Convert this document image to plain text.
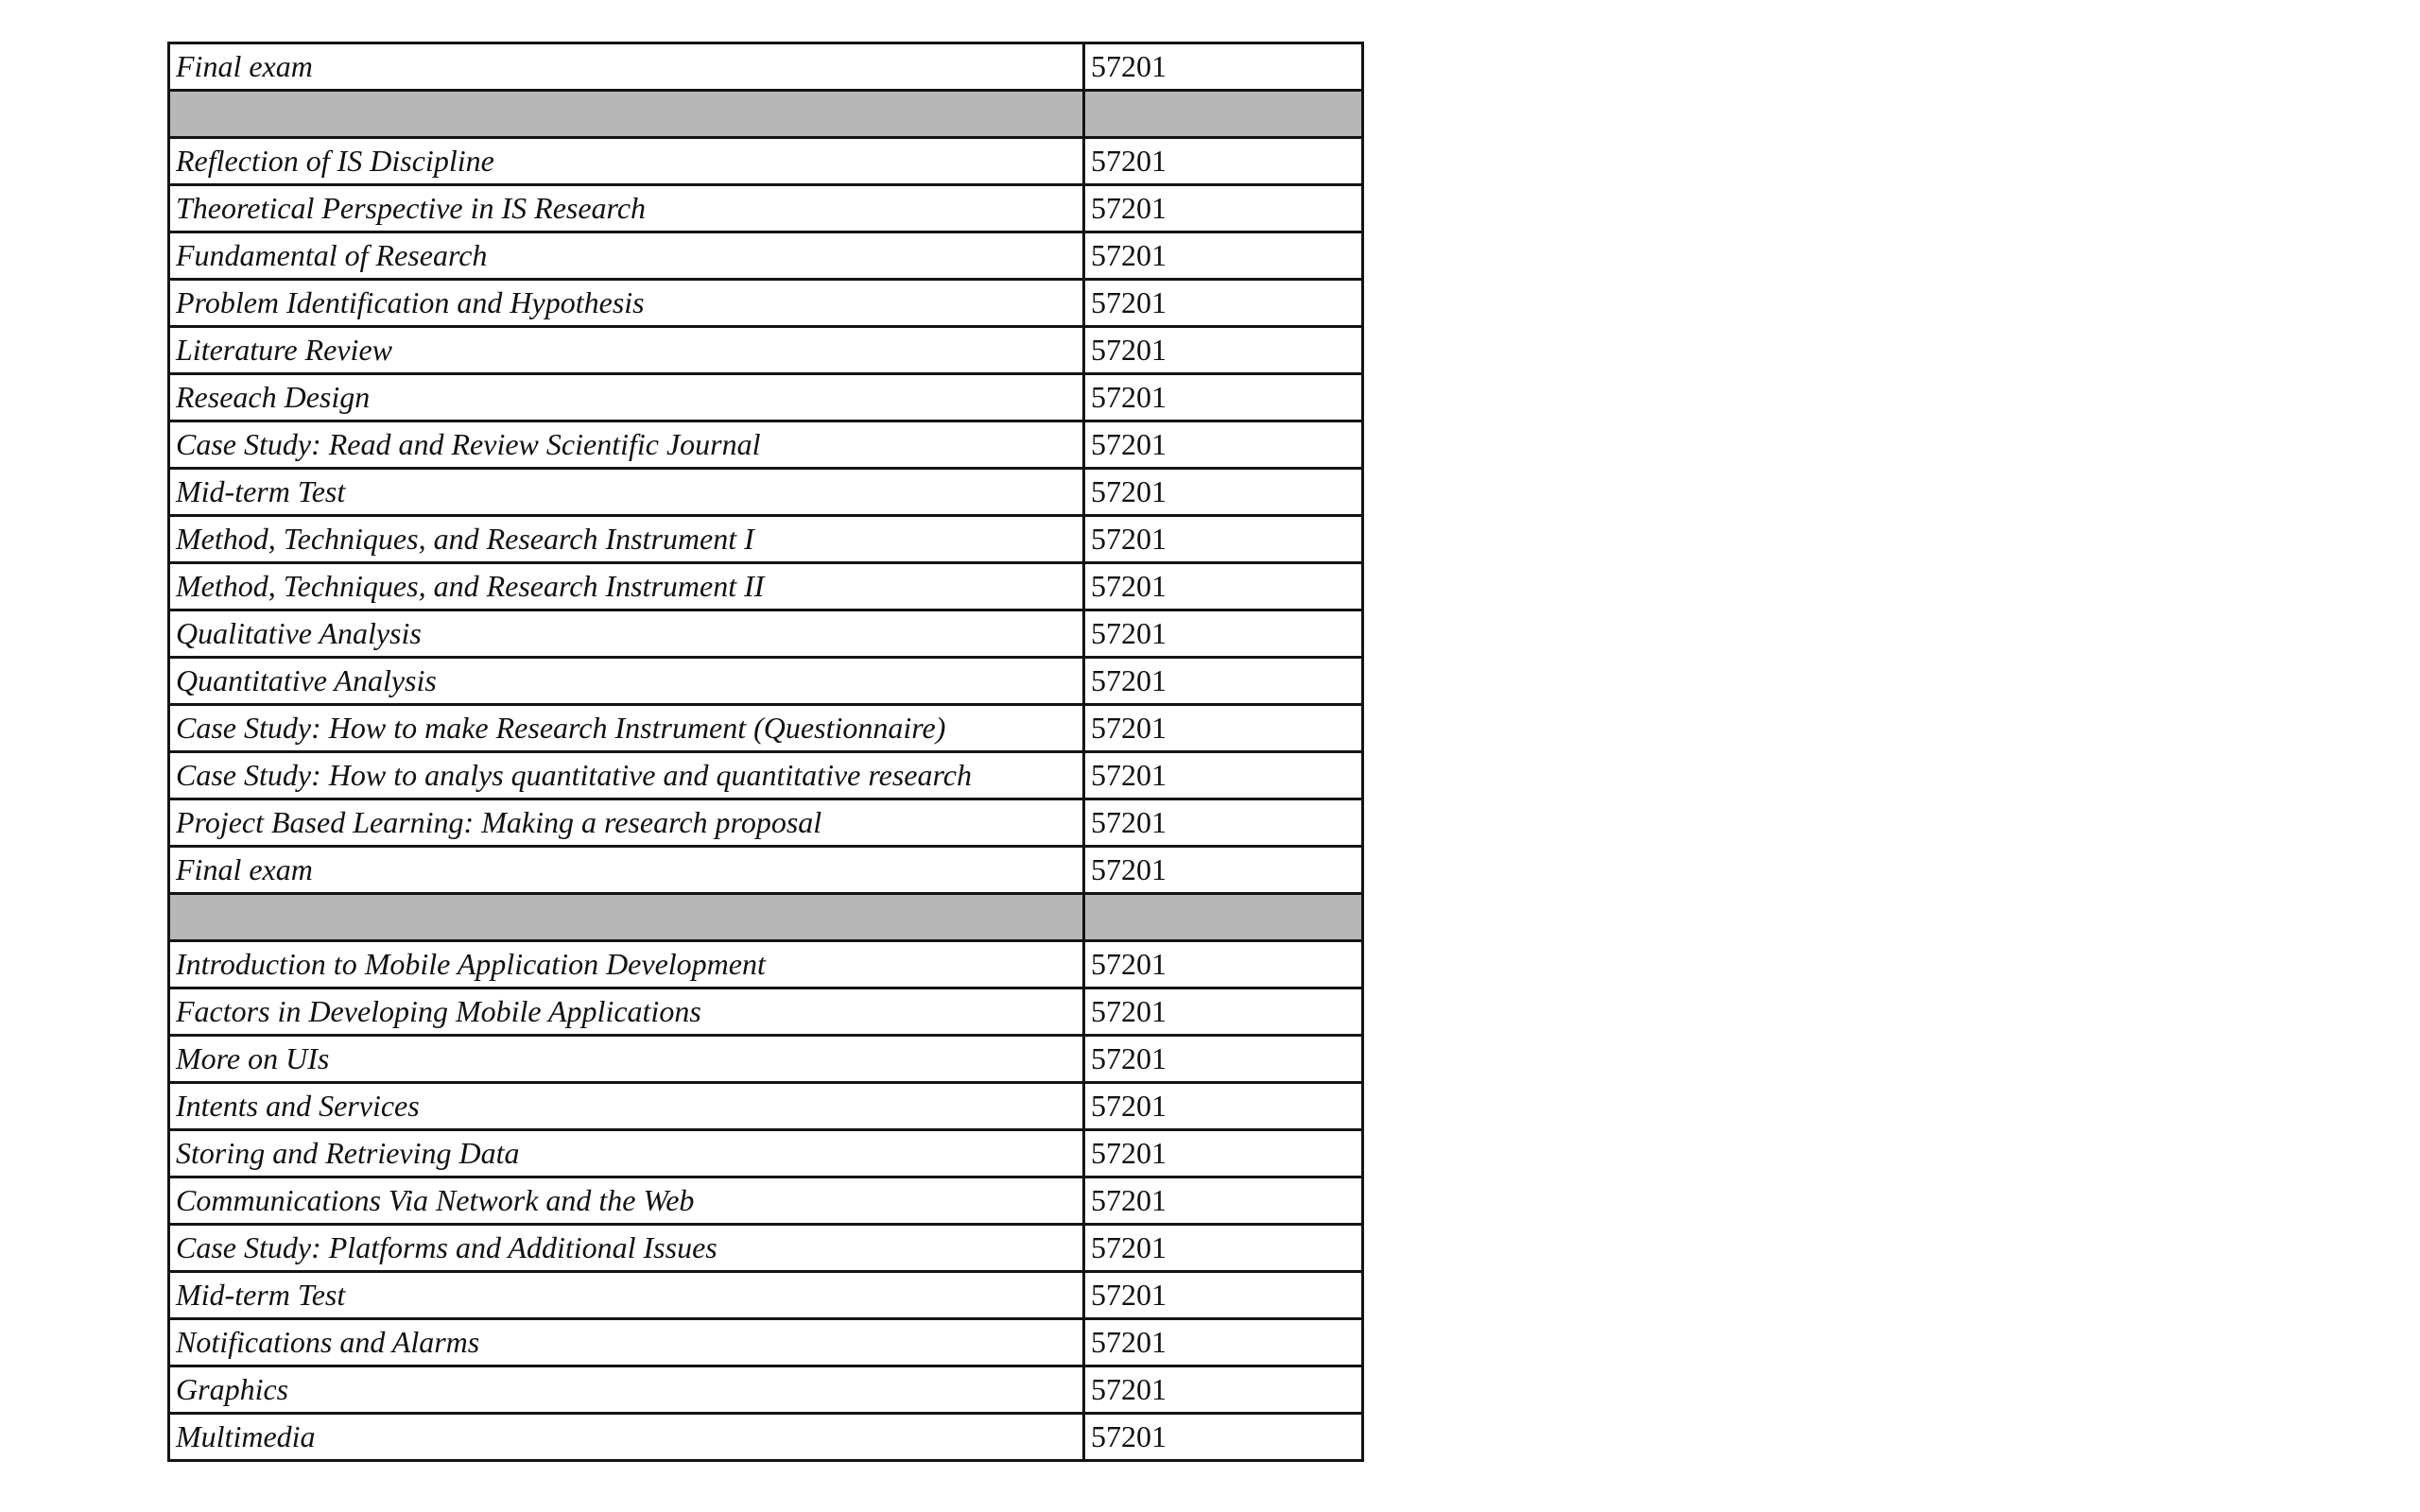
Final exam	57201

Reflection of IS Discipline	57201
Theoretical Perspective in IS Research	57201
Fundamental of Research	57201
Problem Identification and Hypothesis	57201
Literature Review	57201
Reseach Design	57201
Case Study: Read and Review Scientific Journal	57201
Mid-term Test	57201
Method, Techniques, and Research Instrument I	57201
Method, Techniques, and Research Instrument II	57201
Qualitative Analysis	57201
Quantitative Analysis	57201
Case Study: How to make Research Instrument (Questionnaire)	57201
Case Study: How to analys quantitative and quantitative research	57201
Project Based Learning: Making a research proposal	57201
Final exam	57201

Introduction to Mobile Application Development	57201
Factors in Developing Mobile Applications	57201
More on UIs	57201
Intents and Services	57201
Storing and Retrieving Data	57201
Communications Via Network and the Web	57201
Case Study: Platforms and Additional Issues	57201
Mid-term Test	57201
Notifications and Alarms	57201
Graphics	57201
Multimedia	57201
